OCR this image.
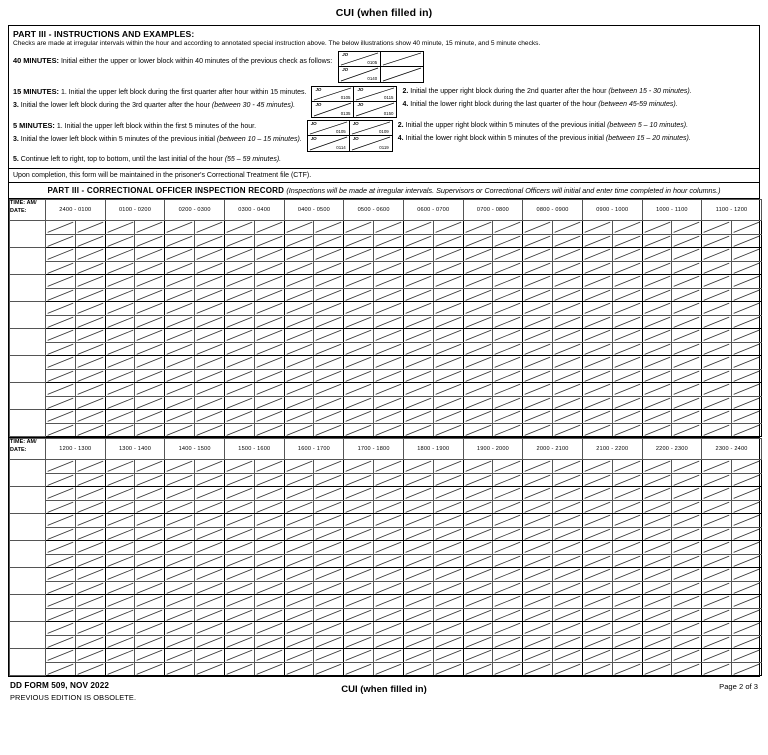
CUI (when filled in)
PART III - INSTRUCTIONS AND EXAMPLES:
Checks are made at irregular intervals within the hour and according to annotated special instruction above. The below illustrations show 40 minute, 15 minute, and 5 minute checks.
40 MINUTES: Initial either the upper or lower block within 40 minutes of the previous check as follows:
JO
0105
JO
0140
15 MINUTES: 1. Initial the upper left block during the first quarter after hour within 15 minutes.
3. Initial the lower left block during the 3rd quarter after the hour (between 30 - 45 minutes).
JO
0105
JO
0115
JO
0135
JO
0150
2. Initial the upper right block during the 2nd quarter after the hour (between 15 - 30 minutes).
4. Initial the lower right block during the last quarter of the hour (between 45-59 minutes).
5 MINUTES: 1. Initial the upper left block within the first 5 minutes of the hour.
3. Initial the lower left block within 5 minutes of the previous initial (between 10 – 15 minutes).
JO
0105
JO
0109
JO
0114
JO
0119
2. Initial the upper right block within 5 minutes of the previous initial (between 5 – 10 minutes).
4. Initial the lower right block within 5 minutes of the previous initial (between 15 – 20 minutes).
5. Continue left to right, top to bottom, until the last initial of the hour (55 – 59 minutes).
Upon completion, this form will be maintained in the prisoner's Correctional Treatment file (CTF).
PART III - CORRECTIONAL OFFICER INSPECTION RECORD (Inspections will be made at irregular intervals. Supervisors or Correctional Officers will initial and enter time completed in hour columns.)
TIME: AM/
DATE:	2400 - 0100		0100 - 0200		0200 - 0300		0300 - 0400		0400 - 0500		0500 - 0600		0600 - 0700		0700 - 0800		0800 - 0900		0900 - 1000		1000 - 1100		1100 - 1200	

TIME: AM/
DATE:	1200 - 1300		1300 - 1400		1400 - 1500		1500 - 1600		1600 - 1700		1700 - 1800		1800 - 1900		1900 - 2000		2000 - 2100		2100 - 2200		2200 - 2300		2300 - 2400	

DD FORM 509, NOV 2022
PREVIOUS EDITION IS OBSOLETE.
CUI (when filled in)	Page 2 of 3
